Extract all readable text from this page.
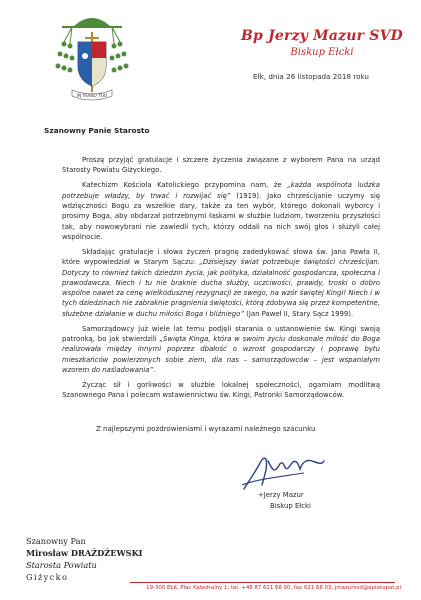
IN VERBO TUO
Bp Jerzy Mazur SVD
Biskup Ełcki
Ełk, dnia 26 listopada 2018 roku
Szanowny Panie Starosto

Proszę przyjąć gratulacje i szczere życzenia związane z wyborem Pana na urząd Starosty Powiatu Giżyckiego.

Katechizm Kościoła Katolickiego przypomina nam, że „każda wspólnota ludzka potrzebuje władzy, by trwać i rozwijać się” (1919). Jako chrześcijanie uczymy się wdzięczności Bogu za wszelkie dary, także za ten wybór, którego dokonali wyborcy i prosimy Boga, aby obdarzał potrzebnymi łaskami w służbie ludziom, tworzeniu przyszłości tak, aby nowowybrani nie zawiedli tych, którzy oddali na nich swój głos i służyli całej wspólnocie.

Składając gratulacje i słowa życzeń pragnę zadedykować słowa św. Jana Pawła II, które wypowiedział w Starym Sączu: „Dzisiejszy świat potrzebuje świętości chrześcijan. Dotyczy to również takich dziedzin życia, jak polityka, działalność gospodarcza, społeczna i prawodawcza. Niech i tu nie braknie ducha służby, uczciwości, prawdy, troski o dobro wspólne nawet za cenę wielkodusznej rezygnacji ze swego, na wzór świętej Kingi! Niech i w tych dziedzinach nie zabraknie pragnienia świętości, którą zdobywa się przez kompetentne, służebne działanie w duchu miłości Boga i bliźniego” (Jan Paweł II, Stary Sącz 1999).

Samorządowcy już wiele lat temu podjęli starania o ustanowienie św. Kingi swoją patronką, bo jak stwierdzili „Święta Kinga, która w swoim życiu doskonale miłość do Boga realizowała między innymi poprzez dbałość o wzrost gospodarczy i poprawę bytu mieszkańców powierzonych sobie ziem, dla nas – samorządowców – jest wspaniałym wzorem do naśladowania”.

Życząc sił i gorliwości w służbie lokalnej społeczności, ogarniam modlitwą Szanownego Pana i polecam wstawiennictwu św. Kingi, Patronki Samorządowców.

Z najlepszymi pozdrowieniami i wyrazami należnego szacunku
+Jerzy Mazur
Biskup Ełcki
Szanowny Pan
Mirosław DRAŻDŻEWSKI
Starosta Powiatu
Giżycko
19-300 EŁK, Plac Katedralny 1; tel. +48 87 621 68 00, fax 621 68 03; jmazursvd@episkopat.pl
